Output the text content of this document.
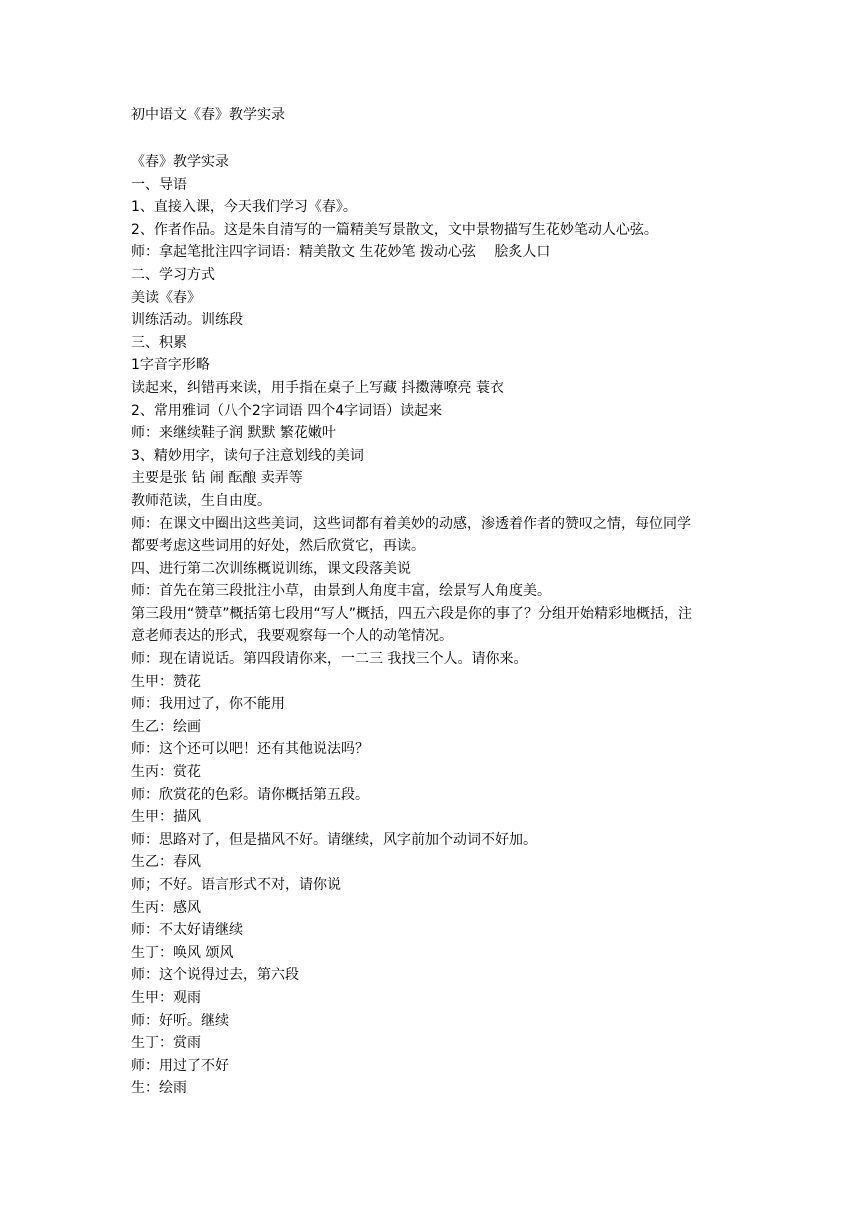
初中语文《春》教学实录
《春》教学实录
一、导语
1、直接入课，今天我们学习《春》。
2、作者作品。这是朱自清写的一篇精美写景散文，文中景物描写生花妙笔动人心弦。
师：拿起笔批注四字词语：精美散文 生花妙笔 拨动心弦 　脍炙人口
二、学习方式
美读《春》
训练活动。训练段
三、积累
1字音字形略
读起来，纠错再来读，用手指在桌子上写藏 抖擞薄嘹亮 蓑衣
2、常用雅词（八个2字词语 四个4字词语）读起来
师：来继续鞋子润 默默 繁花嫩叶
3、精妙用字，读句子注意划线的美词
主要是张 钻 闹 酝酿 卖弄等
教师范读，生自由度。
师：在课文中圈出这些美词，这些词都有着美妙的动感，渗透着作者的赞叹之情，每位同学
都要考虑这些词用的好处，然后欣赏它，再读。
四、进行第二次训练概说训练，课文段落美说
师：首先在第三段批注小草，由景到人角度丰富，绘景写人角度美。
第三段用“赞草”概括第七段用“写人”概括，四五六段是你的事了？分组开始精彩地概括，注
意老师表达的形式，我要观察每一个人的动笔情况。
师：现在请说话。第四段请你来，一二三 我找三个人。请你来。
生甲：赞花
师：我用过了，你不能用
生乙：绘画
师：这个还可以吧！还有其他说法吗？
生丙：赏花
师：欣赏花的色彩。请你概括第五段。
生甲：描风
师：思路对了，但是描风不好。请继续，风字前加个动词不好加。
生乙：春风
师；不好。语言形式不对，请你说
生丙：感风
师：不太好请继续
生丁：唤风 颂风
师：这个说得过去，第六段
生甲：观雨
师：好听。继续
生丁：赏雨
师：用过了不好
生：绘雨
